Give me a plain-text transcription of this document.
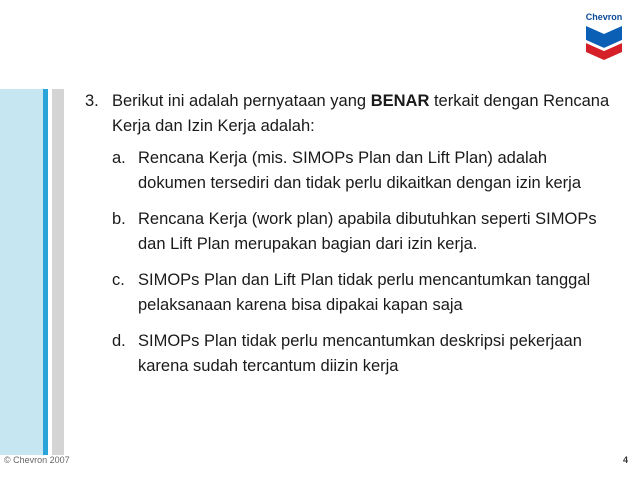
Chevron
3. Berikut ini adalah pernyataan yang BENAR terkait dengan Rencana Kerja dan Izin Kerja adalah:
a. Rencana Kerja (mis. SIMOPs Plan dan Lift Plan) adalah dokumen tersediri dan tidak perlu dikaitkan dengan izin kerja
b. Rencana Kerja (work plan) apabila dibutuhkan seperti SIMOPs dan Lift Plan merupakan bagian dari izin kerja.
c. SIMOPs Plan dan Lift Plan tidak perlu mencantumkan tanggal pelaksanaan karena bisa dipakai kapan saja
d. SIMOPs Plan tidak perlu mencantumkan deskripsi pekerjaan karena sudah tercantum diizin kerja
© Chevron 2007	4
